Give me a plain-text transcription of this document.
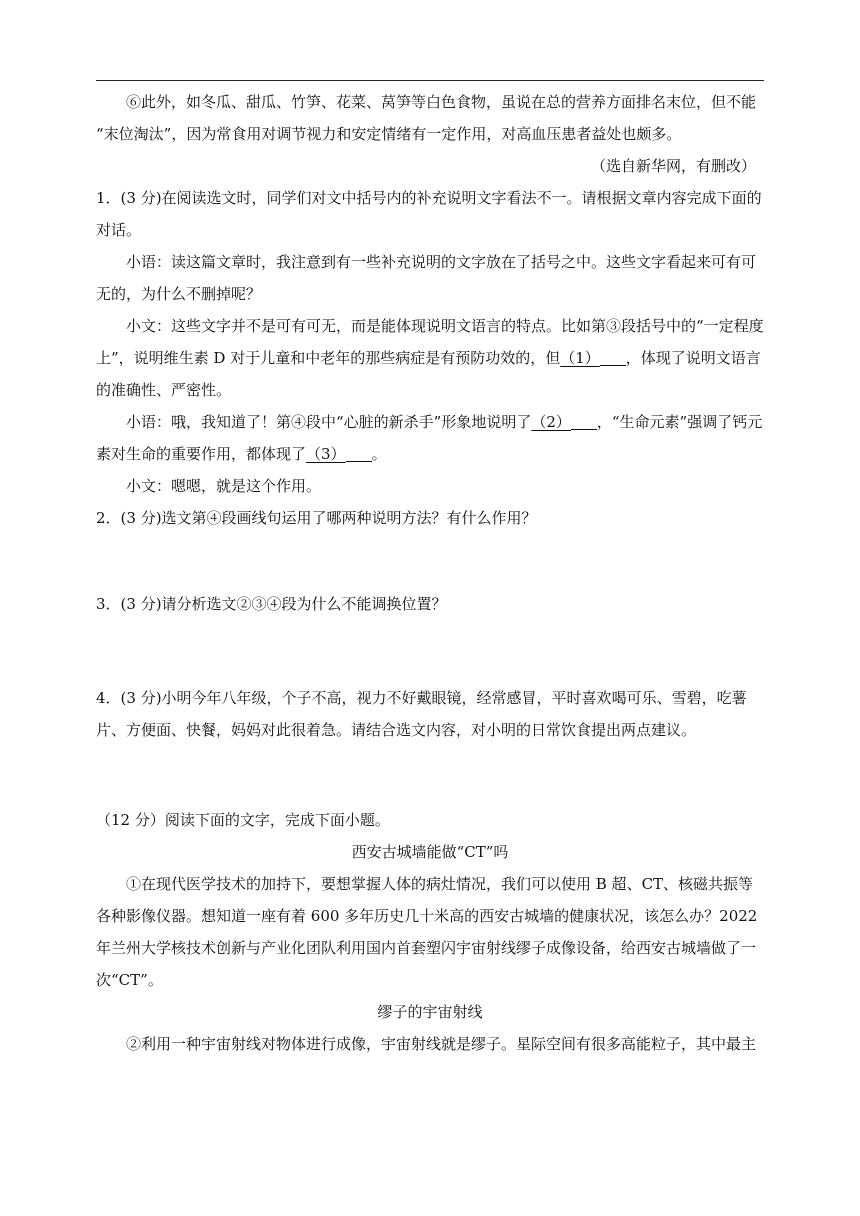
⑥此外，如冬瓜、甜瓜、竹笋、花菜、莴笋等白色食物，虽说在总的营养方面排名末位，但不能

“末位淘汰”，因为常食用对调节视力和安定情绪有一定作用，对高血压患者益处也颇多。

（选自新华网，有删改）

1．(3 分)在阅读选文时，同学们对文中括号内的补充说明文字看法不一。请根据文章内容完成下面的对话。

小语：读这篇文章时，我注意到有一些补充说明的文字放在了括号之中。这些文字看起来可有可无的，为什么不删掉呢？

小文：这些文字并不是可有可无，而是能体现说明文语言的特点。比如第③段括号中的“一定程度上”，说明维生素 D 对于儿童和中老年的那些病症是有预防功效的，但（1） ，体现了说明文语言的准确性、严密性。

小语：哦，我知道了！第④段中“心脏的新杀手”形象地说明了（2） ，“生命元素”强调了钙元素对生命的重要作用，都体现了（3） 。

小文：嗯嗯，就是这个作用。

2．(3 分)选文第④段画线句运用了哪两种说明方法？有什么作用？

3．(3 分)请分析选文②③④段为什么不能调换位置？

4．(3 分)小明今年八年级，个子不高，视力不好戴眼镜，经常感冒，平时喜欢喝可乐、雪碧，吃薯片、方便面、快餐，妈妈对此很着急。请结合选文内容，对小明的日常饮食提出两点建议。

（12 分）阅读下面的文字，完成下面小题。

西安古城墙能做“CT”吗

①在现代医学技术的加持下，要想掌握人体的病灶情况，我们可以使用 B 超、CT、核磁共振等各种影像仪器。想知道一座有着 600 多年历史几十米高的西安古城墙的健康状况，该怎么办？2022 年兰州大学核技术创新与产业化团队利用国内首套塑闪宇宙射线缪子成像设备，给西安古城墙做了一次“CT”。

缪子的宇宙射线

②利用一种宇宙射线对物体进行成像，宇宙射线就是缪子。星际空间有很多高能粒子，其中最主
